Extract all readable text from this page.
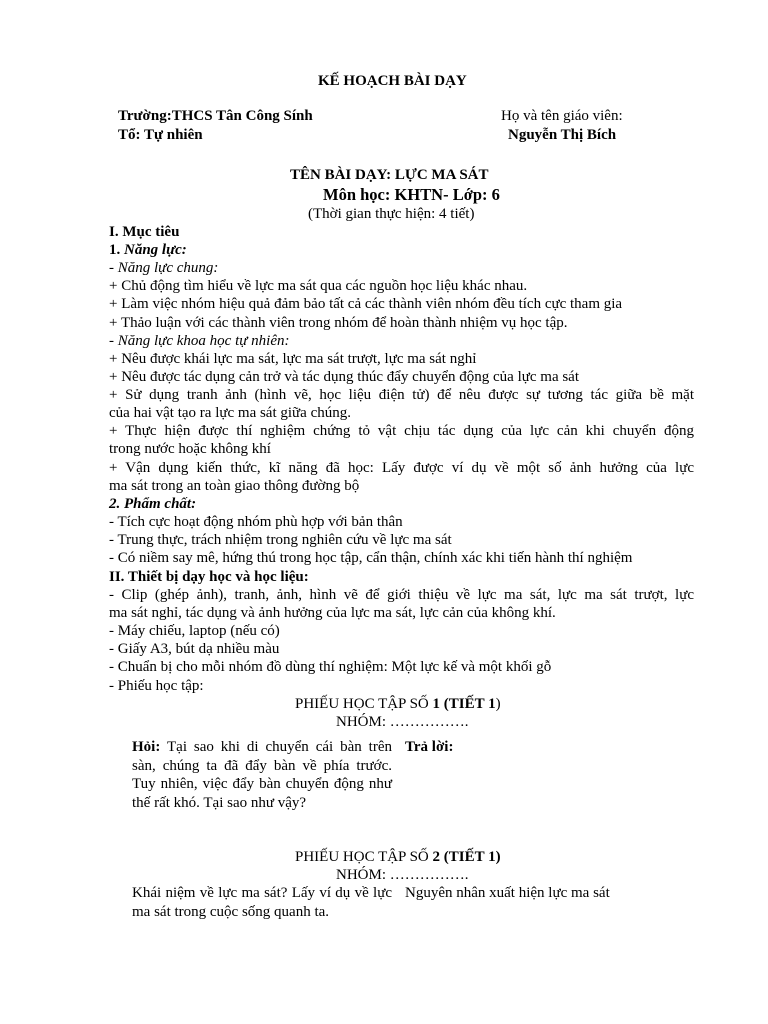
KẾ HOẠCH BÀI DẠY
Trường:THCS Tân Công Sính
Tổ: Tự nhiên
Họ và tên giáo viên:
Nguyễn Thị Bích
TÊN BÀI DẠY: LỰC MA SÁT
Môn học: KHTN- Lớp: 6
(Thời gian thực hiện: 4 tiết)
I. Mục tiêu
1. Năng lực:
- Năng lực chung:
+ Chủ động tìm hiểu về lực ma sát qua các nguồn học liệu khác nhau.
+ Làm việc nhóm hiệu quả đảm bảo tất cả các thành viên nhóm đều tích cực tham gia
+ Thảo luận với các thành viên trong nhóm để hoàn thành nhiệm vụ học tập.
- Năng lực khoa học tự nhiên:
+ Nêu được khái lực ma sát, lực ma sát trượt, lực ma sát nghỉ
+ Nêu được tác dụng cản trở và tác dụng thúc đẩy chuyển động của lực ma sát
+ Sử dụng tranh ảnh (hình vẽ, học liệu điện tử) để nêu được sự tương tác giữa bề mặt
của hai vật tạo ra lực ma sát giữa chúng.
+ Thực hiện được thí nghiệm chứng tỏ vật chịu tác dụng của lực cản khi chuyển động
trong nước hoặc không khí
+ Vận dụng kiến thức, kĩ năng đã học: Lấy được ví dụ về một số ảnh hưởng của lực
ma sát trong an toàn giao thông đường bộ
2. Phẩm chất:
- Tích cực hoạt động nhóm phù hợp với bản thân
- Trung thực, trách nhiệm trong nghiên cứu về lực ma sát
- Có niềm say mê, hứng thú trong học tập, cẩn thận, chính xác khi tiến hành thí nghiệm
II. Thiết bị dạy học và học liệu:
- Clip (ghép ảnh), tranh, ảnh, hình vẽ để giới thiệu về lực ma sát, lực ma sát trượt, lực
ma sát nghỉ, tác dụng và ảnh hưởng của lực ma sát, lực cản của không khí.
- Máy chiếu, laptop (nếu có)
- Giấy A3, bút dạ nhiều màu
- Chuẩn bị cho mỗi nhóm đồ dùng thí nghiệm: Một lực kế và một khối gỗ
- Phiếu học tập:
PHIẾU HỌC TẬP SỐ 1 (TIẾT 1)
NHÓM: …………….
Hỏi: Tại sao khi di chuyển cái bàn trên sàn, chúng ta đã đẩy bàn về phía trước. Tuy nhiên, việc đẩy bàn chuyển động như thế rất khó. Tại sao như vậy?
Trả lời:
PHIẾU HỌC TẬP SỐ 2 (TIẾT 1)
NHÓM: …………….
Khái niệm về lực ma sát? Lấy ví dụ về lực ma sát trong cuộc sống quanh ta.
Nguyên nhân xuất hiện lực ma sát
